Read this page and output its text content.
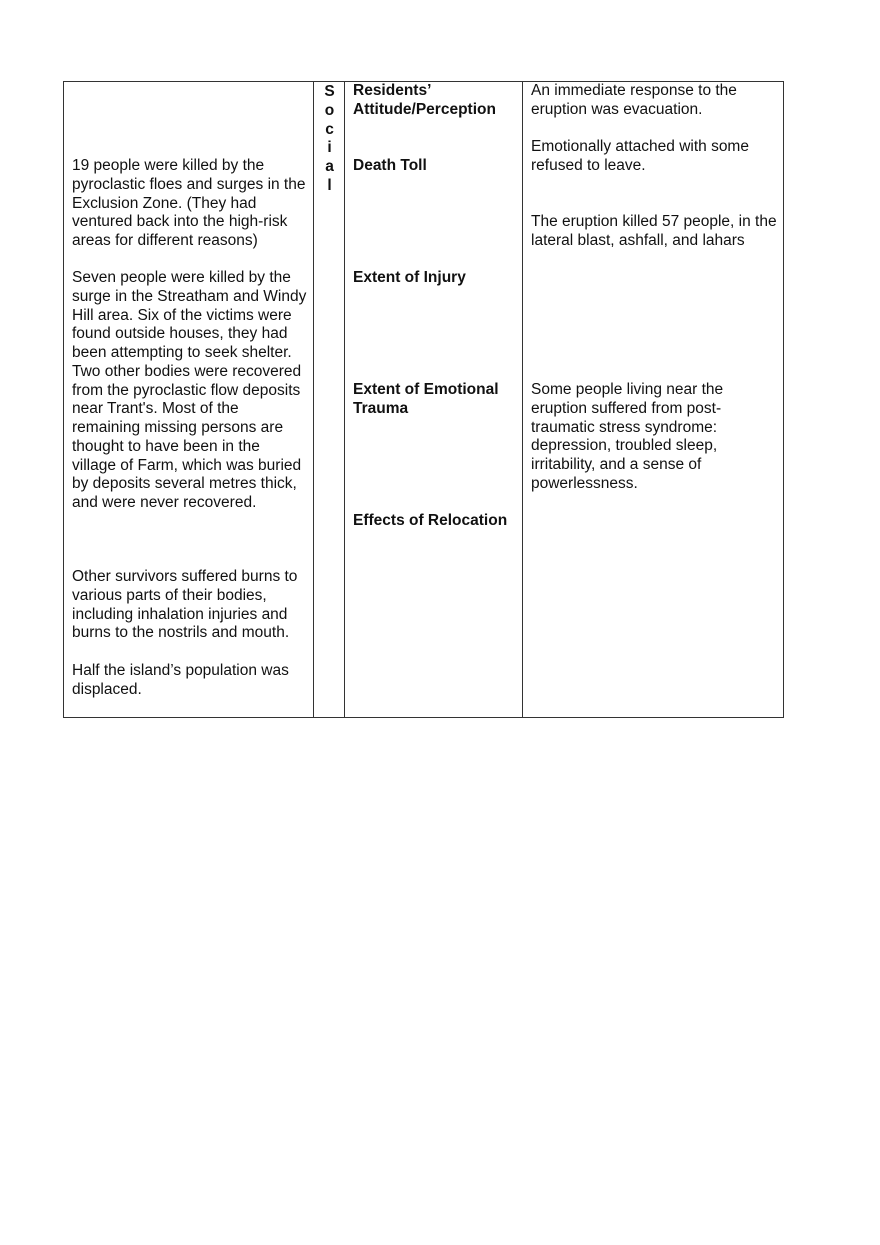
19 people were killed by the pyroclastic floes and surges in the Exclusion Zone. (They had ventured back into the high-risk areas for different reasons)

Seven people were killed by the surge in the Streatham and Windy Hill area. Six of the victims were found outside houses, they had been attempting to seek shelter. Two other bodies were recovered from the pyroclastic flow deposits near Trant's. Most of the remaining missing persons are thought to have been in the village of Farm, which was buried by deposits several metres thick, and were never recovered.

Other survivors suffered burns to various parts of their bodies, including inhalation injuries and burns to the nostrils and mouth.

Half the island’s population was displaced.

S
o
c
i
a
l

Residents’ Attitude/Perception

Death Toll

Extent of Injury

Extent of Emotional Trauma

Effects of Relocation

An immediate response to the eruption was evacuation.

Emotionally attached with some refused to leave.

The eruption killed 57 people, in the lateral blast, ashfall, and lahars

Some people living near the eruption suffered from post-traumatic stress syndrome: depression, troubled sleep, irritability, and a sense of powerlessness.
